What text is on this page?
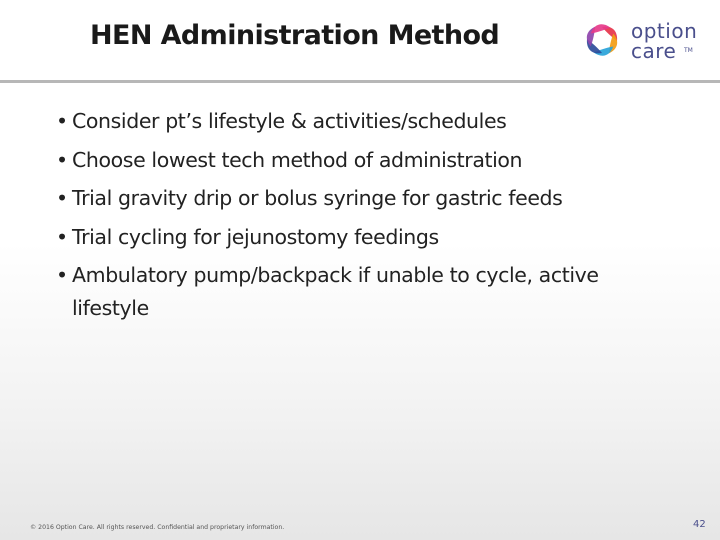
HEN Administration Method	option
care TM
• Consider pt’s lifestyle & activities/schedules
• Choose lowest tech method of administration
• Trial gravity drip or bolus syringe for gastric feeds
• Trial cycling for jejunostomy feedings
• Ambulatory pump/backpack if unable to cycle, active
lifestyle
© 2016 Option Care. All rights reserved. Confidential and proprietary information.	42
